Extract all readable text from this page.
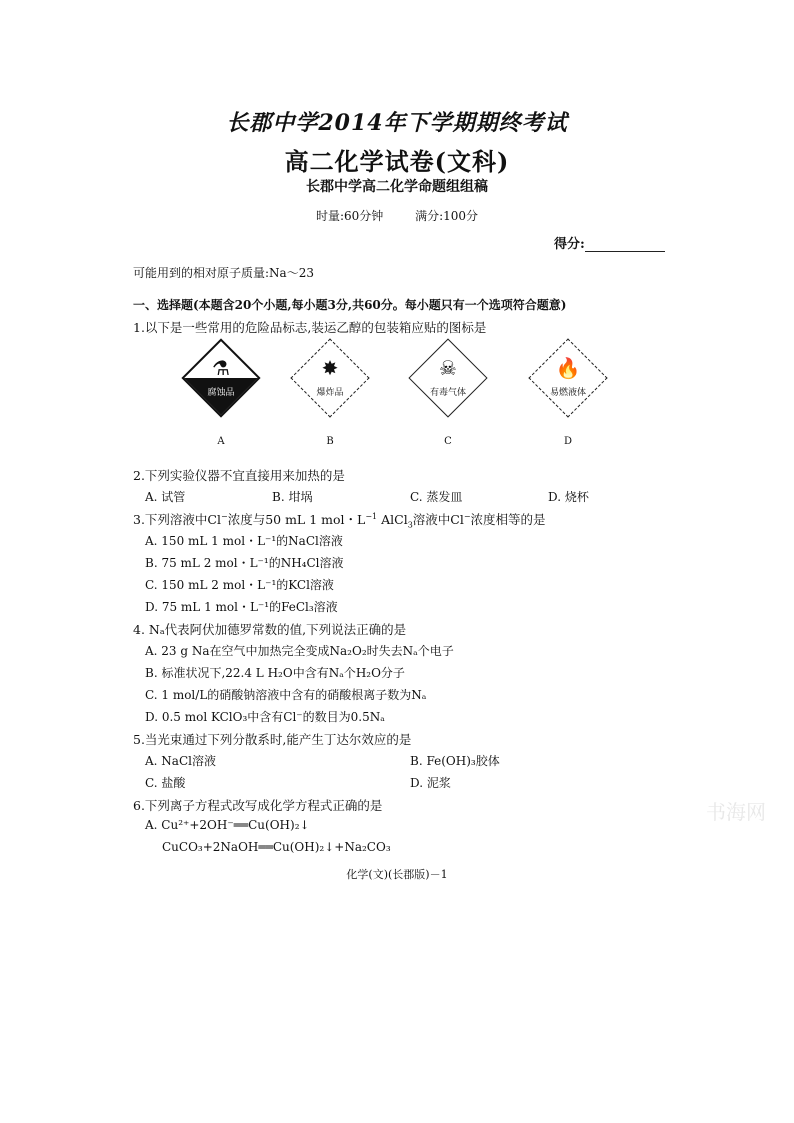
长郡中学2014年下学期期终考试
高二化学试卷(文科)
长郡中学高二化学命题组组稿
时量:60分钟	满分:100分
得分:
可能用到的相对原子质量:Na～23
一、选择题(本题含20个小题,每小题3分,共60分。每小题只有一个选项符合题意)
1.以下是一些常用的危险品标志,装运乙醇的包装箱应贴的图标是
⚗
腐蚀品
✸
爆炸品
☠
有毒气体
🔥
易燃液体
A	B	C	D
2.下列实验仪器不宜直接用来加热的是
A. 试管	B. 坩埚	C. 蒸发皿	D. 烧杯
3.下列溶液中Cl−浓度与50 mL 1 mol・$L^{-1}$ AlCl$_3$溶液中Cl−浓度相等的是
A. 150 mL 1 mol・L⁻¹的NaCl溶液
B. 75 mL 2 mol・L⁻¹的NH₄Cl溶液
C. 150 mL 2 mol・L⁻¹的KCl溶液
D. 75 mL 1 mol・L⁻¹的FeCl₃溶液
4. Nₐ代表阿伏加德罗常数的值,下列说法正确的是
A. 23 g Na在空气中加热完全变成Na₂O₂时失去Nₐ个电子
B. 标准状况下,22.4 L H₂O中含有Nₐ个H₂O分子
C. 1 mol/L的硝酸钠溶液中含有的硝酸根离子数为Nₐ
D. 0.5 mol KClO₃中含有Cl⁻的数目为0.5Nₐ
5.当光束通过下列分散系时,能产生丁达尔效应的是
A. NaCl溶液	B. Fe(OH)₃胶体
C. 盐酸	D. 泥浆
书海网
6.下列离子方程式改写成化学方程式正确的是
A. Cu²⁺+2OH⁻══Cu(OH)₂↓
CuCO₃+2NaOH══Cu(OH)₂↓+Na₂CO₃
化学(文)(长郡版)－1
